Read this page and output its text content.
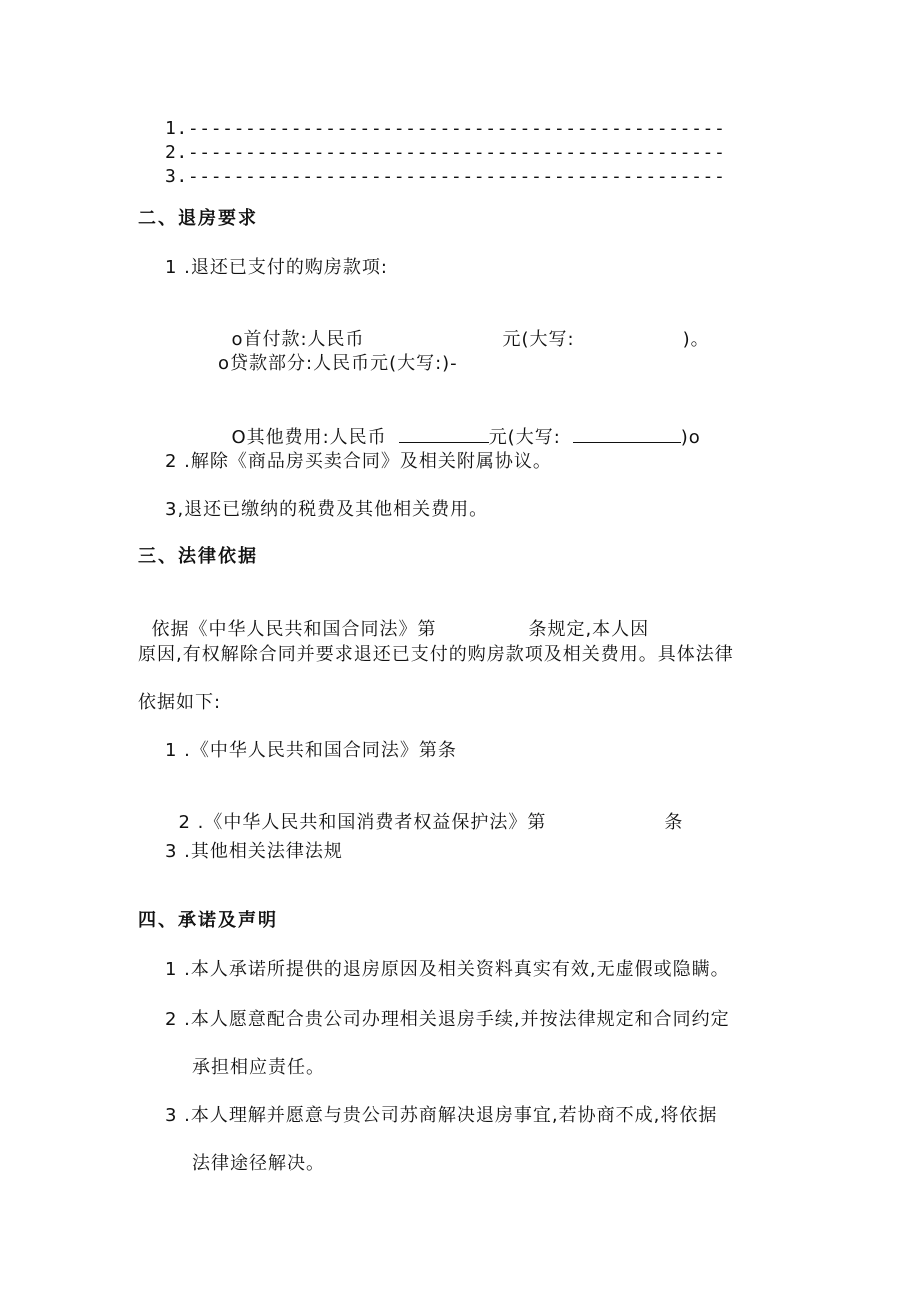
1.-----------------------------------------------
2.-----------------------------------------------
3.-----------------------------------------------
二、退房要求
1 .退还已支付的购房款项:

o首付款:人民币	元(大写:	)。

o贷款部分:人民币元(大写:)-

O其他费用:人民币	元(大写:	)o

2 .解除《商品房买卖合同》及相关附属协议。
3,退还已缴纳的税费及其他相关费用。
三、法律依据

依据《中华人民共和国合同法》第	条规定,本人因

原因,有权解除合同并要求退还已支付的购房款项及相关费用。具体法律
依据如下:
1 .《中华人民共和国合同法》第条

2 .《中华人民共和国消费者权益保护法》第	条

3 .其他相关法律法规
四、承诺及声明
1 .本人承诺所提供的退房原因及相关资料真实有效,无虚假或隐瞒。
2 .本人愿意配合贵公司办理相关退房手续,并按法律规定和合同约定
承担相应责任。
3 .本人理解并愿意与贵公司苏商解决退房事宜,若协商不成,将依据
法律途径解决。
